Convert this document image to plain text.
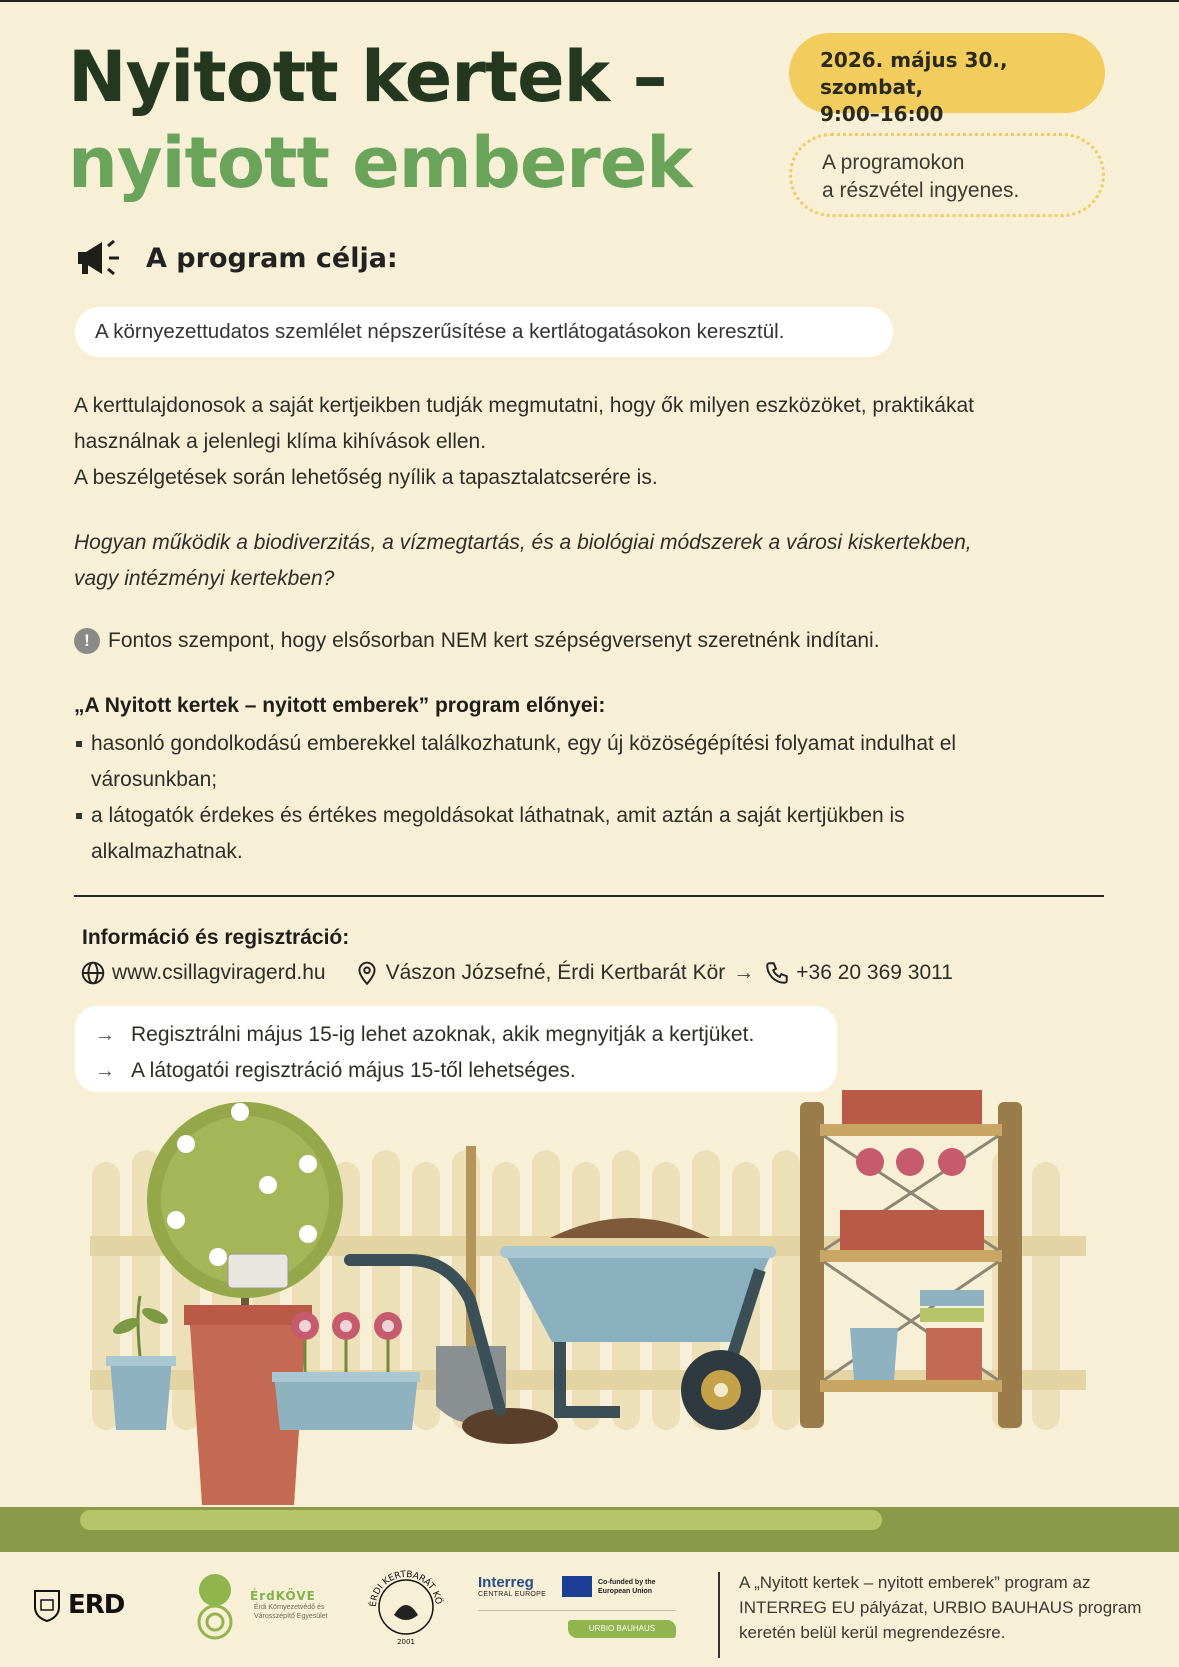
Nyitott kertek –
nyitott emberek
2026. május 30., szombat,
9:00–16:00
A programokon
a részvétel ingyenes.
A program célja:
A környezettudatos szemlélet népszerűsítése a kertlátogatásokon keresztül.
A kerttulajdonosok a saját kertjeikben tudják megmutatni, hogy ők milyen eszközöket, praktikákat
használnak a jelenlegi klíma kihívások ellen.
A beszélgetések során lehetőség nyílik a tapasztalatcserére is.
Hogyan működik a biodiverzitás, a vízmegtartás, és a biológiai módszerek a városi kiskertekben,
vagy intézményi kertekben?
! Fontos szempont, hogy elsősorban NEM kert szépségversenyt szeretnénk indítani.
„A Nyitott kertek – nyitott emberek” program előnyei:
hasonló gondolkodású emberekkel találkozhatunk, egy új közöségépítési folyamat indulhat el
városunkban;
a látogatók érdekes és értékes megoldásokat láthatnak, amit aztán a saját kertjükben is
alkalmazhatnak.
Információ és regisztráció:
www.csillagviragerd.hu	Vászon Józsefné, Érdi Kertbarát Kör → +36 20 369 3011
→ Regisztrálni május 15-ig lehet azoknak, akik megnyitják a kertjüket.
→ A látogatói regisztráció május 15-től lehetséges.
ERD	ÉrdKÖVE
Érdi Környezetvédő és Városszépítő Egyesület
ÉRDI KERTBARÁT KÖ
2001
Interreg
CENTRAL EUROPE
Co-funded by the European Union
URBIO BAUHAUS
A „Nyitott kertek – nyitott emberek” program az
INTERREG EU pályázat, URBIO BAUHAUS program
keretén belül kerül megrendezésre.
